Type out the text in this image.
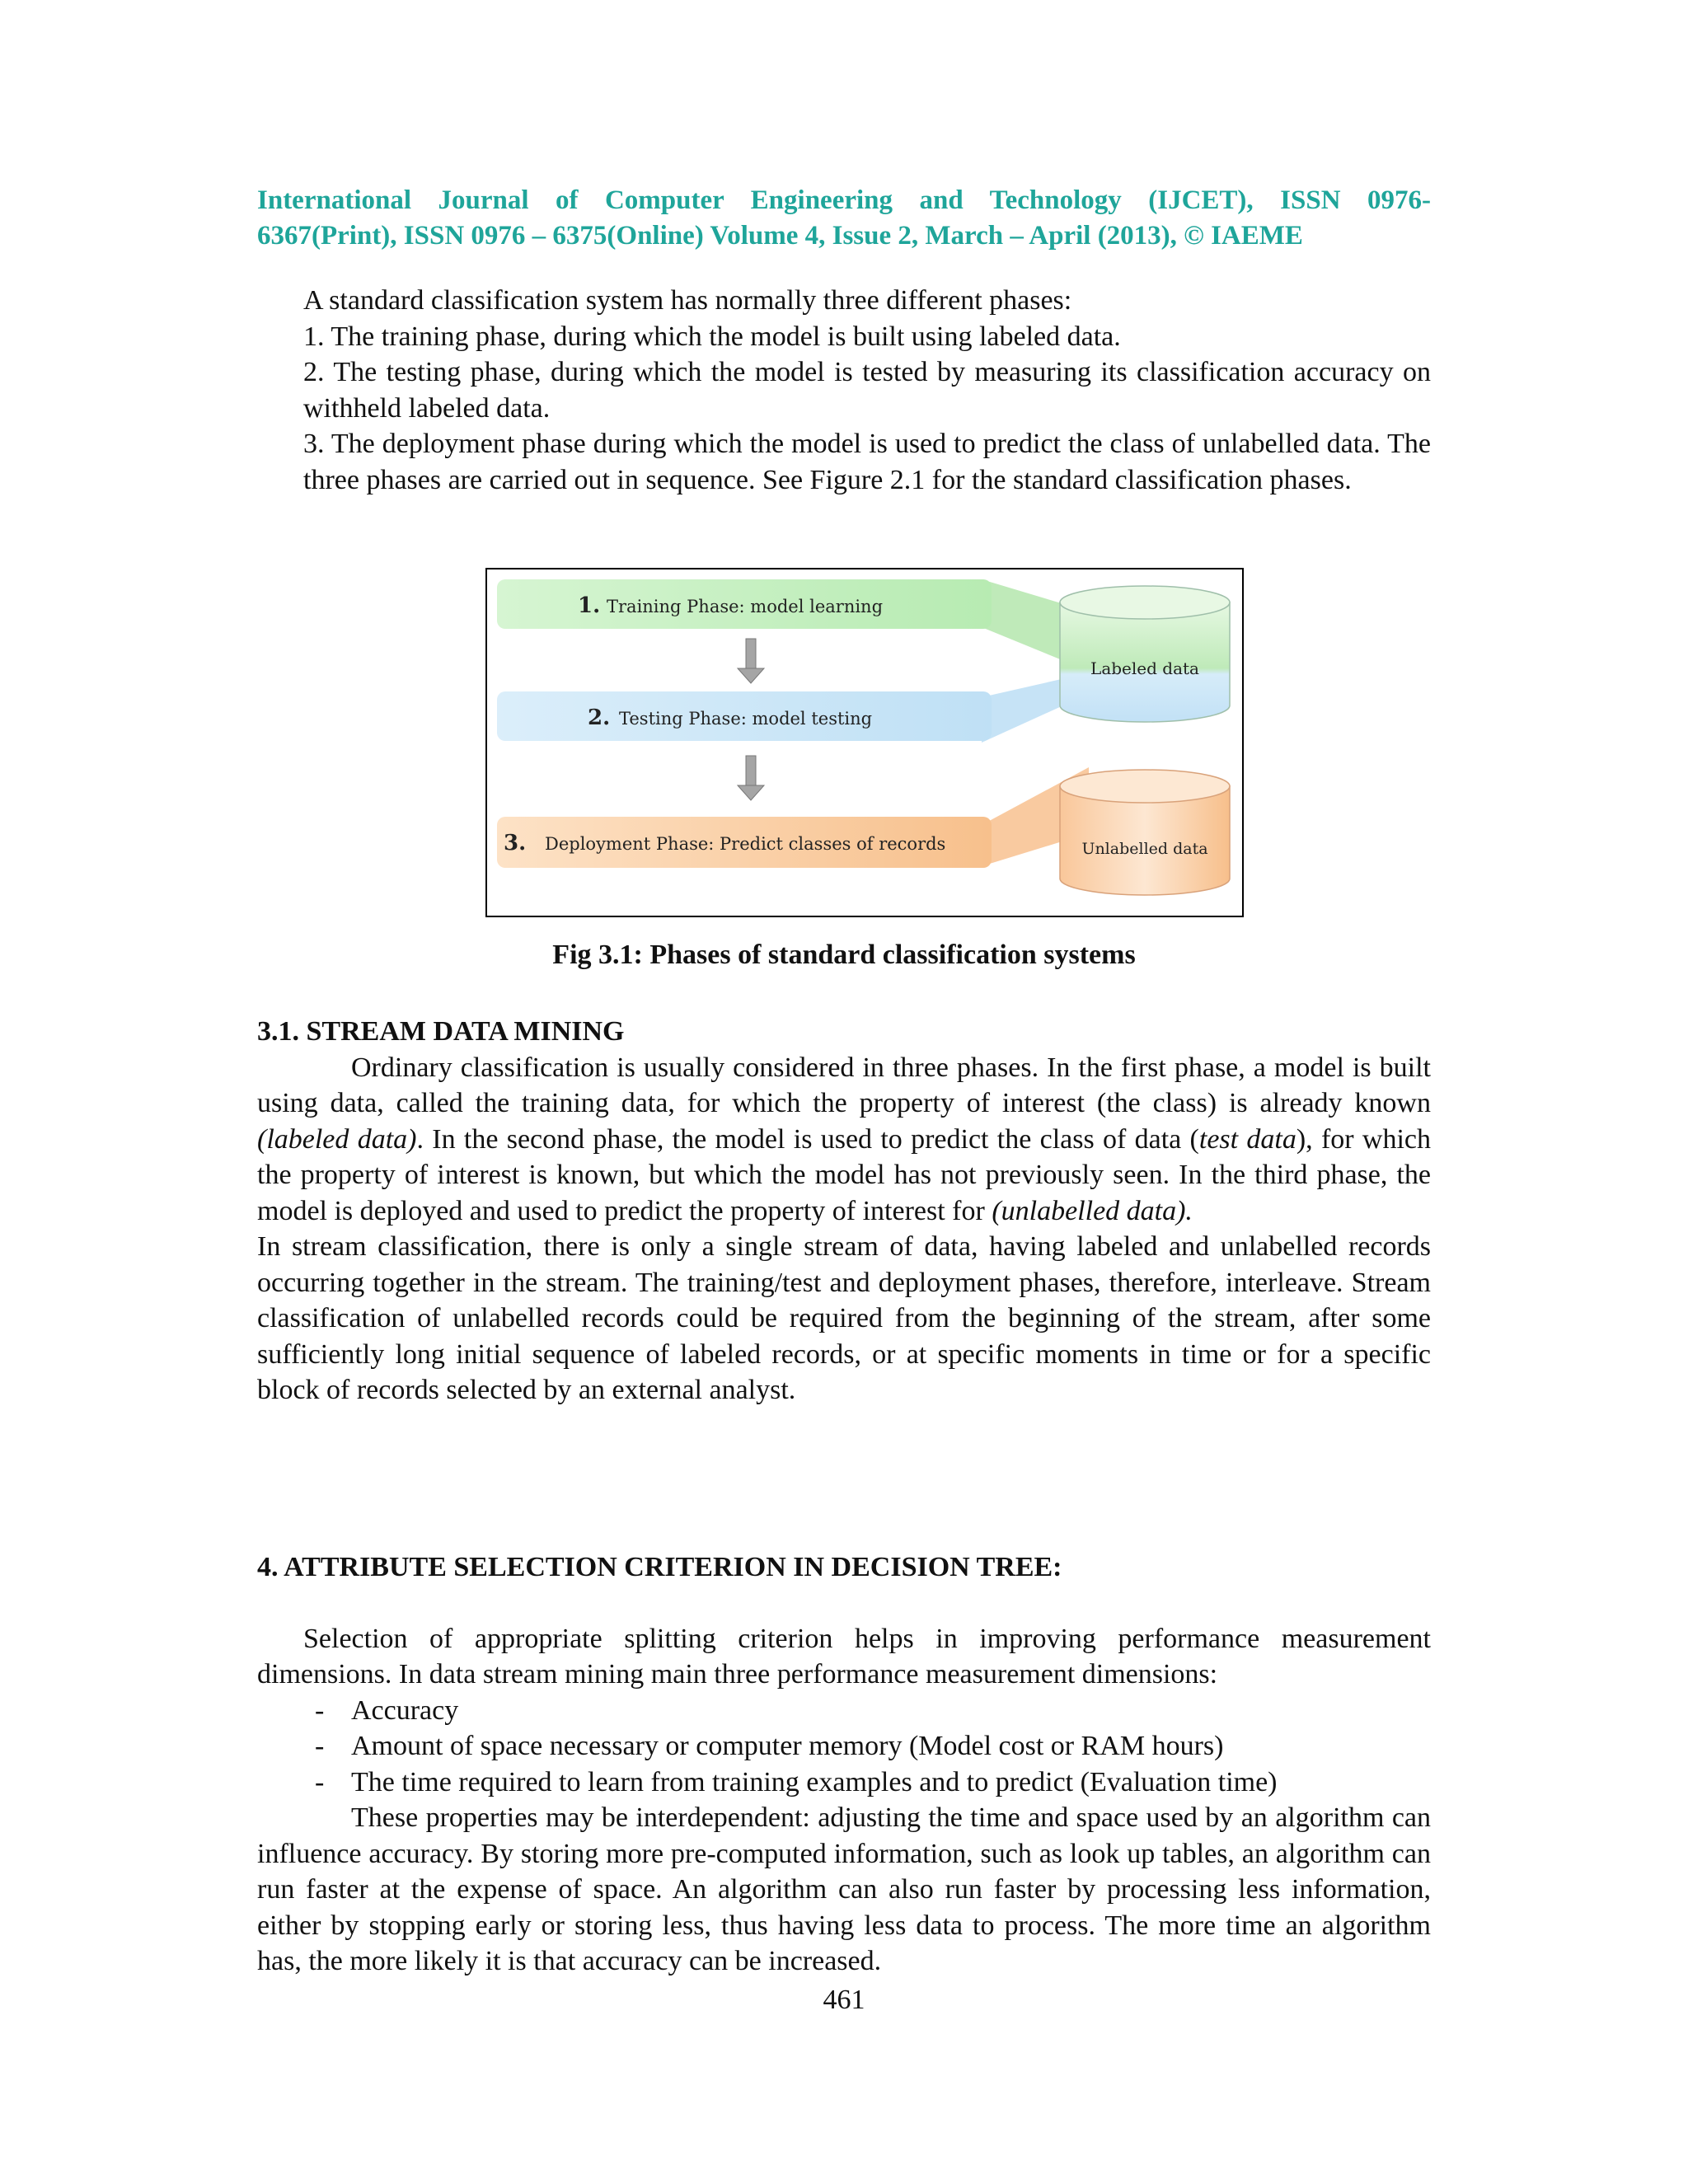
International Journal of Computer Engineering and Technology (IJCET), ISSN 0976-
6367(Print), ISSN 0976 – 6375(Online) Volume 4, Issue 2, March – April (2013), © IAEME

A standard classification system has normally three different phases:

1. The training phase, during which the model is built using labeled data.

2. The testing phase, during which the model is tested by measuring its classification accuracy on withheld labeled data.

3. The deployment phase during which the model is used to predict the class of unlabelled data. The three phases are carried out in sequence. See Figure 2.1 for the standard classification phases.

1. Training Phase: model learning
2. Testing Phase: model testing
3. Deployment Phase: Predict classes of records
Labeled data
Unlabelled data
Fig 3.1: Phases of standard classification systems
3.1. STREAM DATA MINING

Ordinary classification is usually considered in three phases. In the first phase, a model is built using data, called the training data, for which the property of interest (the class) is already known (labeled data). In the second phase, the model is used to predict the class of data (test data), for which the property of interest is known, but which the model has not previously seen. In the third phase, the model is deployed and used to predict the property of interest for (unlabelled data).

In stream classification, there is only a single stream of data, having labeled and unlabelled records occurring together in the stream. The training/test and deployment phases, therefore, interleave. Stream classification of unlabelled records could be required from the beginning of the stream, after some sufficiently long initial sequence of labeled records, or at specific moments in time or for a specific block of records selected by an external analyst.

4. ATTRIBUTE SELECTION CRITERION IN DECISION TREE:

Selection of appropriate splitting criterion helps in improving performance measurement dimensions. In data stream mining main three performance measurement dimensions:

- Accuracy
- Amount of space necessary or computer memory (Model cost or RAM hours)
- The time required to learn from training examples and to predict (Evaluation time)

These properties may be interdependent: adjusting the time and space used by an algorithm can influence accuracy. By storing more pre-computed information, such as look up tables, an algorithm can run faster at the expense of space. An algorithm can also run faster by processing less information, either by stopping early or storing less, thus having less data to process. The more time an algorithm has, the more likely it is that accuracy can be increased.

461
